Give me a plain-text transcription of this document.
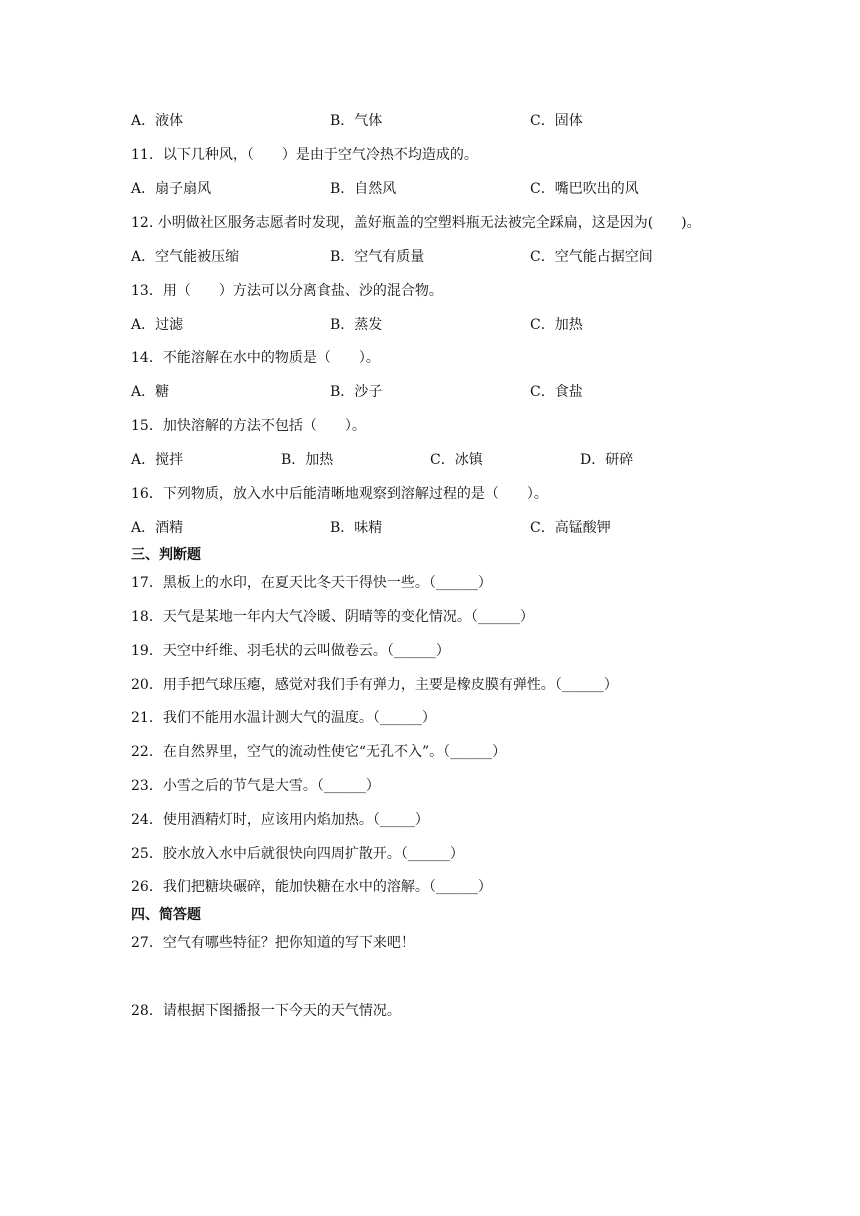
A．液体	B．气体	C．固体
11．以下几种风，（　　）是由于空气冷热不均造成的。
A．扇子扇风	B．自然风	C．嘴巴吹出的风
12. 小明做社区服务志愿者时发现，盖好瓶盖的空塑料瓶无法被完全踩扁，这是因为(　　)。
A．空气能被压缩	B．空气有质量	C．空气能占据空间
13．用（　　）方法可以分离食盐、沙的混合物。
A．过滤	B．蒸发	C．加热
14．不能溶解在水中的物质是（　　）。
A．糖	B．沙子	C．食盐
15．加快溶解的方法不包括（　　）。
A．搅拌	B．加热	C．冰镇	D．研碎
16．下列物质，放入水中后能清晰地观察到溶解过程的是（　　）。
A．酒精	B．味精	C．高锰酸钾
三、判断题
17．黑板上的水印，在夏天比冬天干得快一些。（______）
18．天气是某地一年内大气冷暖、阴晴等的变化情况。（______）
19．天空中纤维、羽毛状的云叫做卷云。（______）
20．用手把气球压瘪，感觉对我们手有弹力，主要是橡皮膜有弹性。（______）
21．我们不能用水温计测大气的温度。（______）
22．在自然界里，空气的流动性使它“无孔不入”。（______）
23．小雪之后的节气是大雪。（______）
24．使用酒精灯时，应该用内焰加热。（_____）
25．胶水放入水中后就很快向四周扩散开。（______）
26．我们把糖块碾碎，能加快糖在水中的溶解。（______）
四、简答题
27．空气有哪些特征？把你知道的写下来吧！
28．请根据下图播报一下今天的天气情况。
